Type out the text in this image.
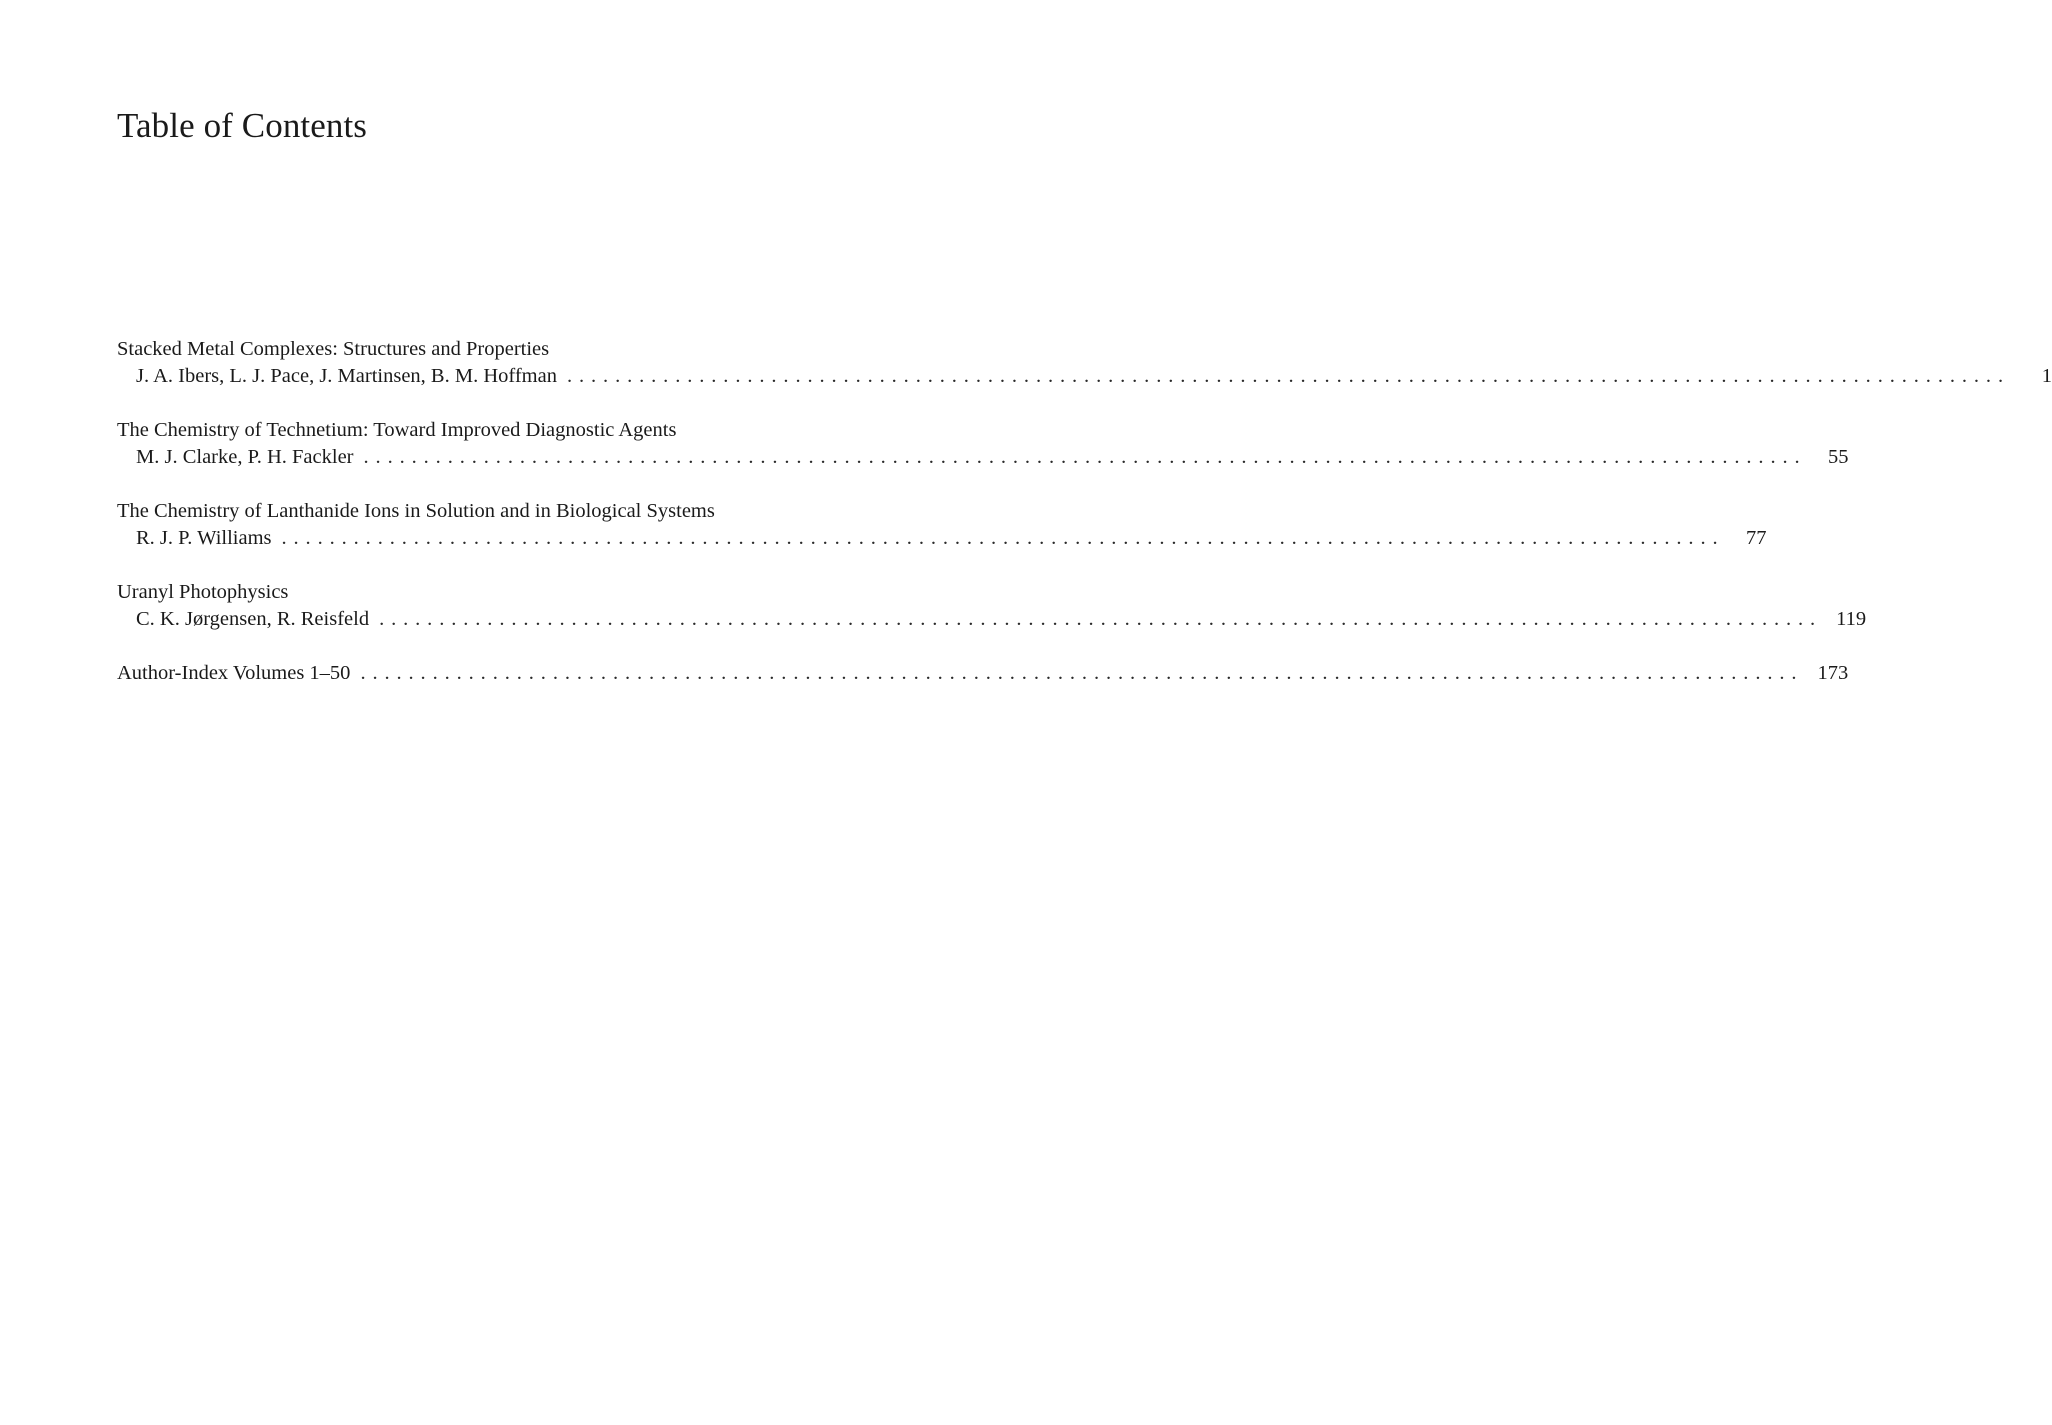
Table of Contents
Stacked Metal Complexes: Structures and Properties
J. A. Ibers, L. J. Pace, J. Martinsen, B. M. Hoffman ........................................................................................................................	1
The Chemistry of Technetium: Toward Improved Diagnostic Agents
M. J. Clarke, P. H. Fackler ........................................................................................................................	55
The Chemistry of Lanthanide Ions in Solution and in Biological Systems
R. J. P. Williams ........................................................................................................................	77
Uranyl Photophysics
C. K. Jørgensen, R. Reisfeld ........................................................................................................................ 119
Author-Index Volumes 1–50 ........................................................................................................................ 173
